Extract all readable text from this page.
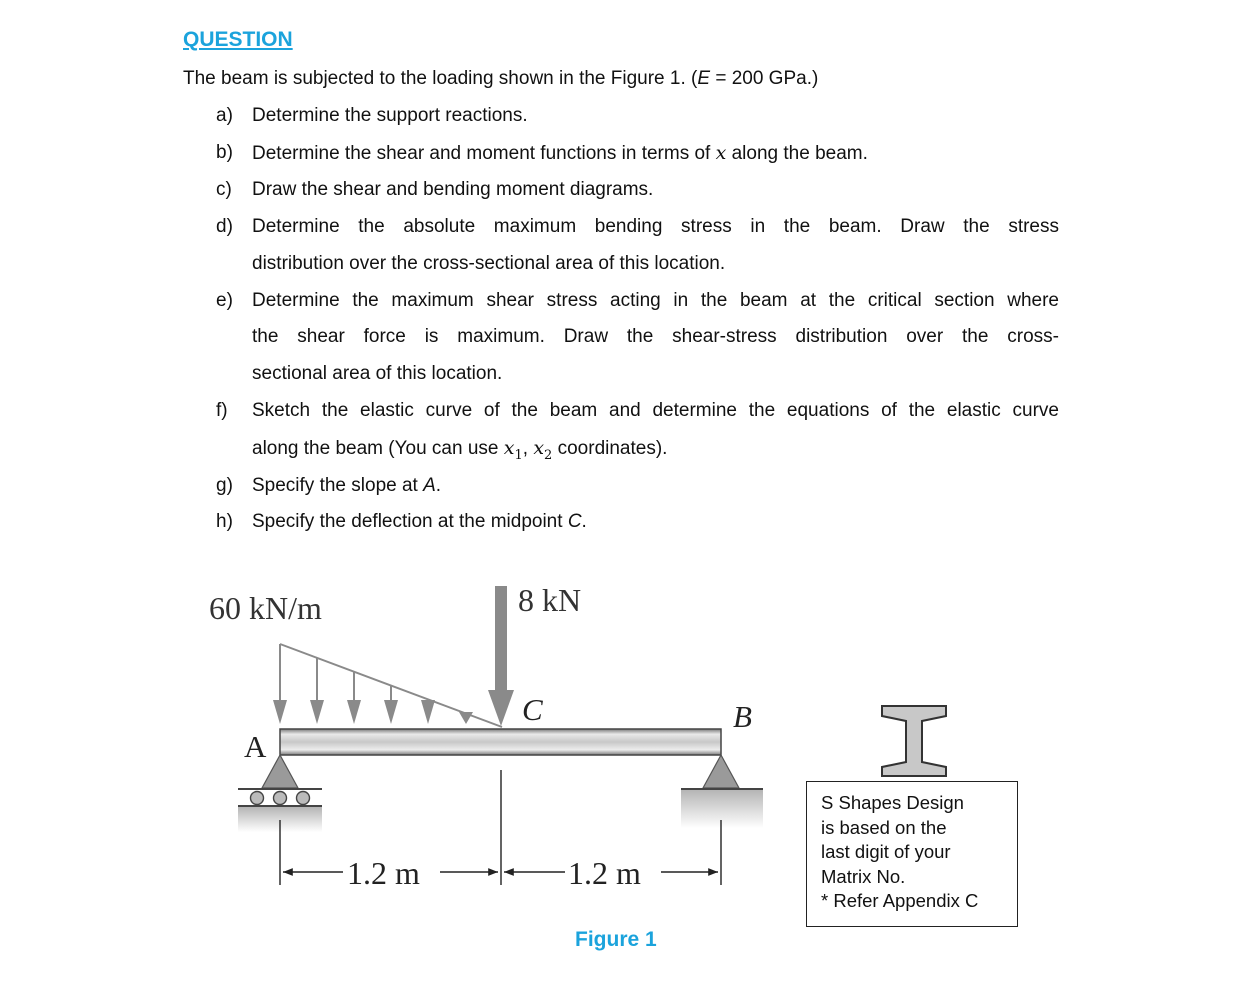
QUESTION
The beam is subjected to the loading shown in the Figure 1. (E = 200 GPa.)
a) Determine the support reactions.
b) Determine the shear and moment functions in terms of x along the beam.
c) Draw the shear and bending moment diagrams.
d) Determine the absolute maximum bending stress in the beam. Draw the stress
distribution over the cross-sectional area of this location.
e) Determine the maximum shear stress acting in the beam at the critical section where
the shear force is maximum. Draw the shear-stress distribution over the cross-
sectional area of this location.
f) Sketch the elastic curve of the beam and determine the equations of the elastic curve
along the beam (You can use $x_1$, $x_2$ coordinates).
g) Specify the slope at A.
h) Specify the deflection at the midpoint C.
60 kN/m	8 kN
C
A
B
1.2 m	1.2 m
Figure 1
S Shapes Design
is based on the
last digit of your
Matrix No.
* Refer Appendix C
